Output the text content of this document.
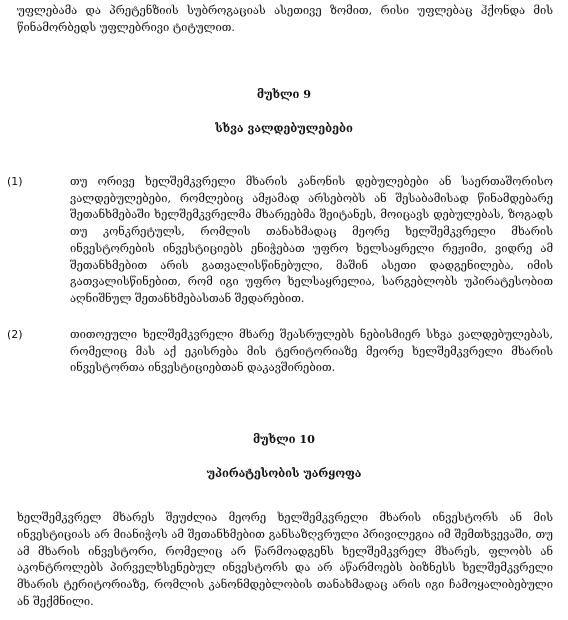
უფლებამა და პრეტენზიის სუბროგაციას ასეთივე ზომით, რისი უფლებაც ჰქონდა მის წინამორბედს უფლებრივი ტიტულით.
მუხლი 9
სხვა ვალდებულებები
(1)	თუ ორივე ხელშემკვრელი მხარის კანონის დებულებები ან საერთაშორისო ვალდებულებები, რომლებიც ამჟამად არსებობს ან შესაბამისად წინამდებარე შეთანხმებაში ხელშემკვრელმა მხარეებმა შეიტანეს, მოიცავს დებულებას, ზოგადს თუ კონკრეტულს, რომლის თანახმადაც მეორე ხელშემკვრელი მხარის ინვესტორების ინვესტიციებს ენიჭებათ უფრო ხელსაყრელი რეჟიმი, ვიდრე ამ შეთანხმებით არის გათვალისწინებული, მაშინ ასეთი დადგენილება, იმის გათვალისწინებით, რომ იგი უფრო ხელსაყრელია, სარგებლობს უპირატესობით აღნიშნულ შეთანხმებასთან შედარებით.
(2)	თითოეული ხელშემკვრელი მხარე შეასრულებს ნებისმიერ სხვა ვალდებულებას, რომელიც მას აქ ეკისრება მის ტერიტორიაზე მეორე ხელშემკვრელი მხარის ინვესტორთა ინვესტიციებთან დაკავშირებით.
მუხლი 10
უპირატესობის უარყოფა
ხელშემკვრელ მხარეს შეუძლია მეორე ხელშემკვრელი მხარის ინვესტორს ან მის ინვესტიციას არ მიანიჭოს ამ შეთანხმებით განსაზღვრული პრივილეგია იმ შემთხვევაში, თუ ამ მხარის ინვესტორი, რომელიც არ წარმოადგენს ხელშემკვრელ მხარეს, ფლობს ან აკონტროლებს პირველხსენებულ ინვესტორს და არ აწარმოებს ბიზნესს ხელშემკვრელი მხარის ტერიტორიაზე, რომლის კანონმდებლობის თანახმადაც არის იგი ჩამოყალიბებული ან შექმნილი.
